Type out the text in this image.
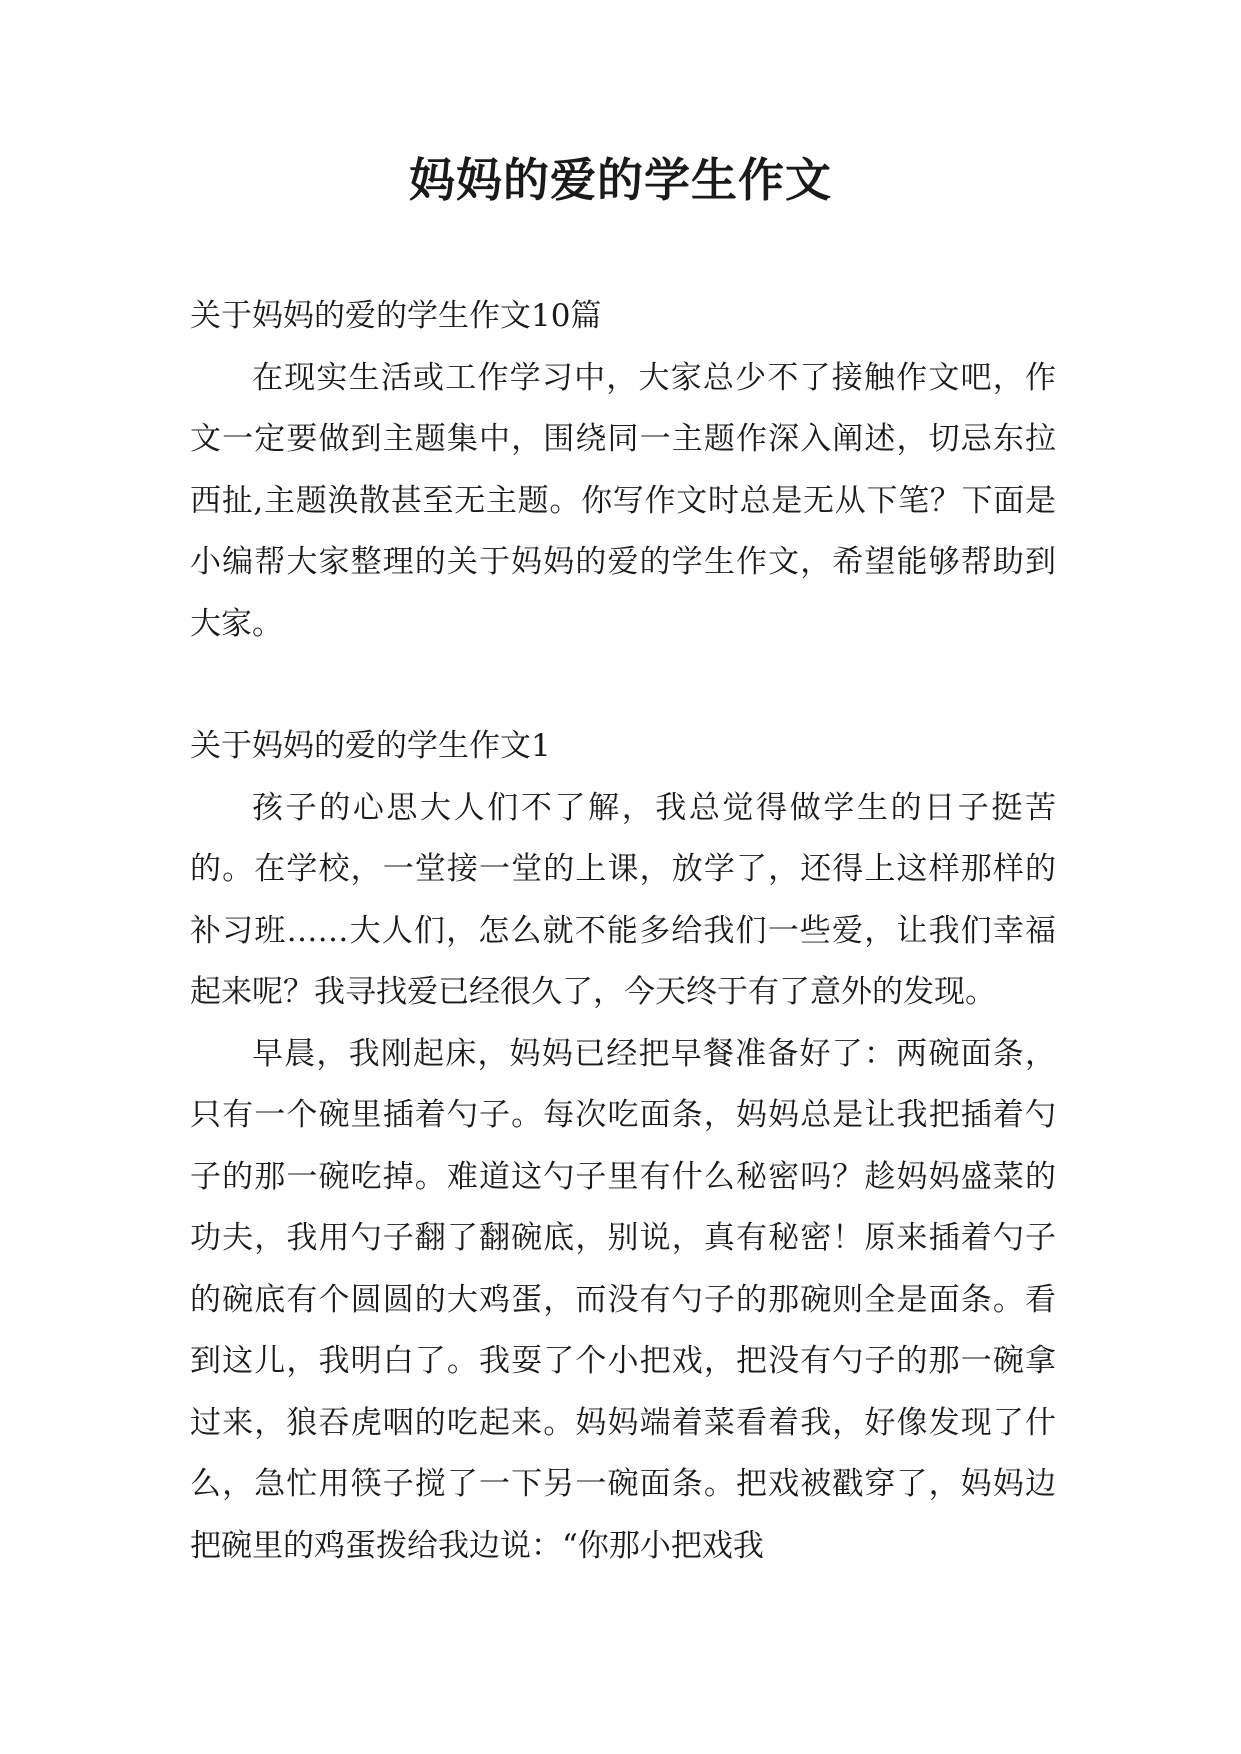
妈妈的爱的学生作文

关于妈妈的爱的学生作文10篇

在现实生活或工作学习中，大家总少不了接触作文吧，作文一定要做到主题集中，围绕同一主题作深入阐述，切忌东拉西扯,主题涣散甚至无主题。你写作文时总是无从下笔？下面是小编帮大家整理的关于妈妈的爱的学生作文，希望能够帮助到大家。

关于妈妈的爱的学生作文1

孩子的心思大人们不了解，我总觉得做学生的日子挺苦的。在学校，一堂接一堂的上课，放学了，还得上这样那样的补习班……大人们，怎么就不能多给我们一些爱，让我们幸福起来呢？我寻找爱已经很久了，今天终于有了意外的发现。

早晨，我刚起床，妈妈已经把早餐准备好了：两碗面条，只有一个碗里插着勺子。每次吃面条，妈妈总是让我把插着勺子的那一碗吃掉。难道这勺子里有什么秘密吗？趁妈妈盛菜的功夫，我用勺子翻了翻碗底，别说，真有秘密！原来插着勺子的碗底有个圆圆的大鸡蛋，而没有勺子的那碗则全是面条。看到这儿，我明白了。我耍了个小把戏，把没有勺子的那一碗拿过来，狼吞虎咽的吃起来。妈妈端着菜看着我，好像发现了什么，急忙用筷子搅了一下另一碗面条。把戏被戳穿了，妈妈边把碗里的鸡蛋拨给我边说：“你那小把戏我
